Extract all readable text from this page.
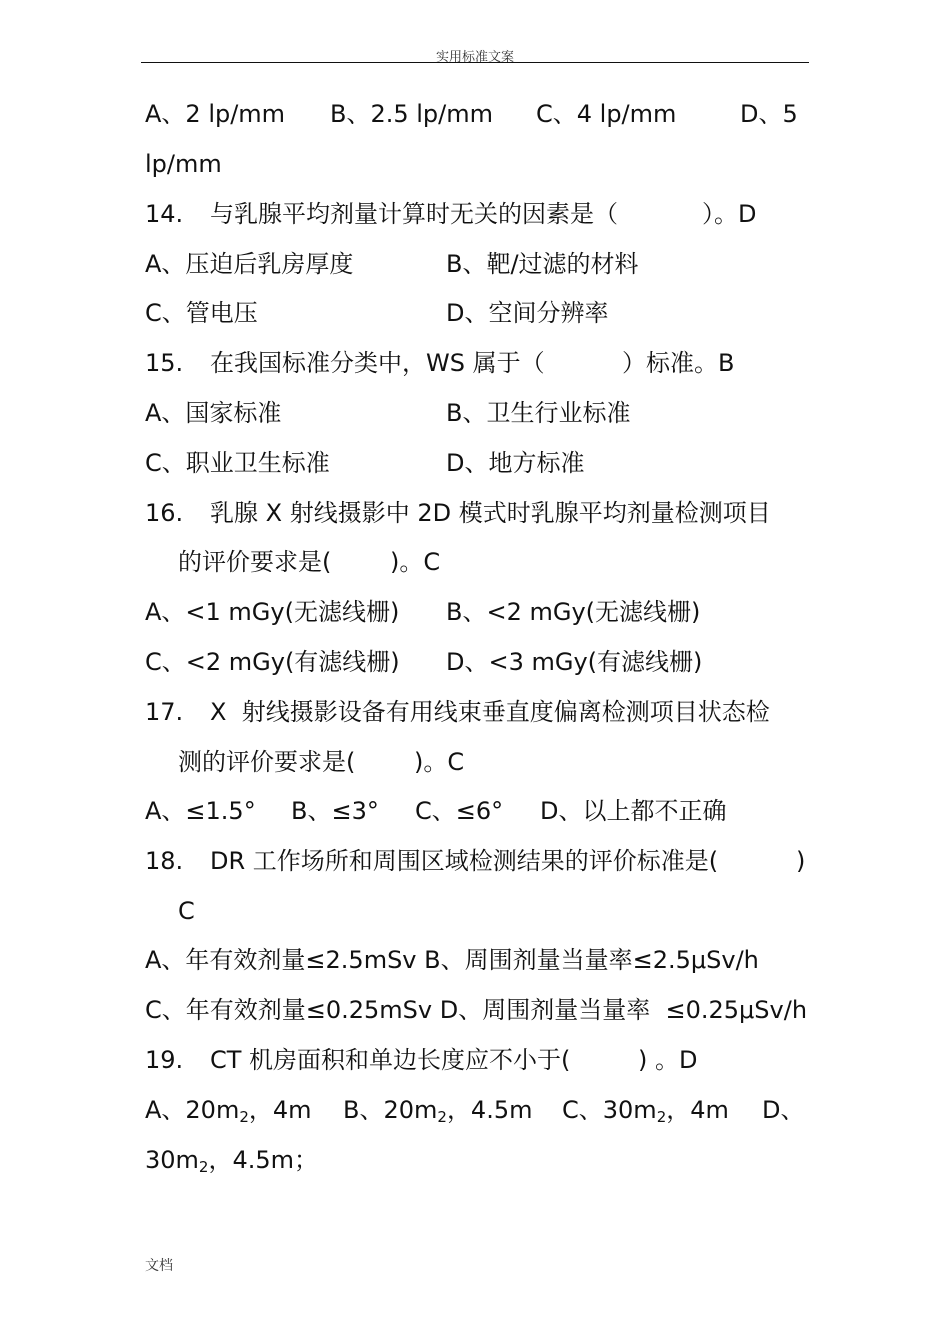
实用标准文案
A、2 lp/mm B、2.5 lp/mm C、4 lp/mm	D、5
lp/mm
14. 与乳腺平均剂量计算时无关的因素是（	）。D
A、压迫后乳房厚度	B、靶/过滤的材料
C、管电压	D、空间分辨率
15. 在我国标准分类中，WS 属于（	）标准。B
A、国家标准	B、卫生行业标准
C、职业卫生标准	D、地方标准
16. 乳腺 X 射线摄影中 2D 模式时乳腺平均剂量检测项目
的评价要求是( )。C
A、<1 mGy(无滤线栅) B、<2 mGy(无滤线栅)
C、<2 mGy(有滤线栅) D、<3 mGy(有滤线栅)
17. X  射线摄影设备有用线束垂直度偏离检测项目状态检
测的评价要求是( )。C
A、≤1.5° B、≤3° C、≤6° D、以上都不正确
18. DR 工作场所和周围区域检测结果的评价标准是(	)
C
A、年有效剂量≤2.5mSv B、周围剂量当量率≤2.5μSv/h
C、年有效剂量≤0.25mSv D、周围剂量当量率  ≤0.25μSv/h
19. CT 机房面积和单边长度应不小于(	) 。D
A、$20m_2$，4m B、$20m_2$，4.5m C、$30m_2$，4m D、
$30m_2$，4.5m；
文档
